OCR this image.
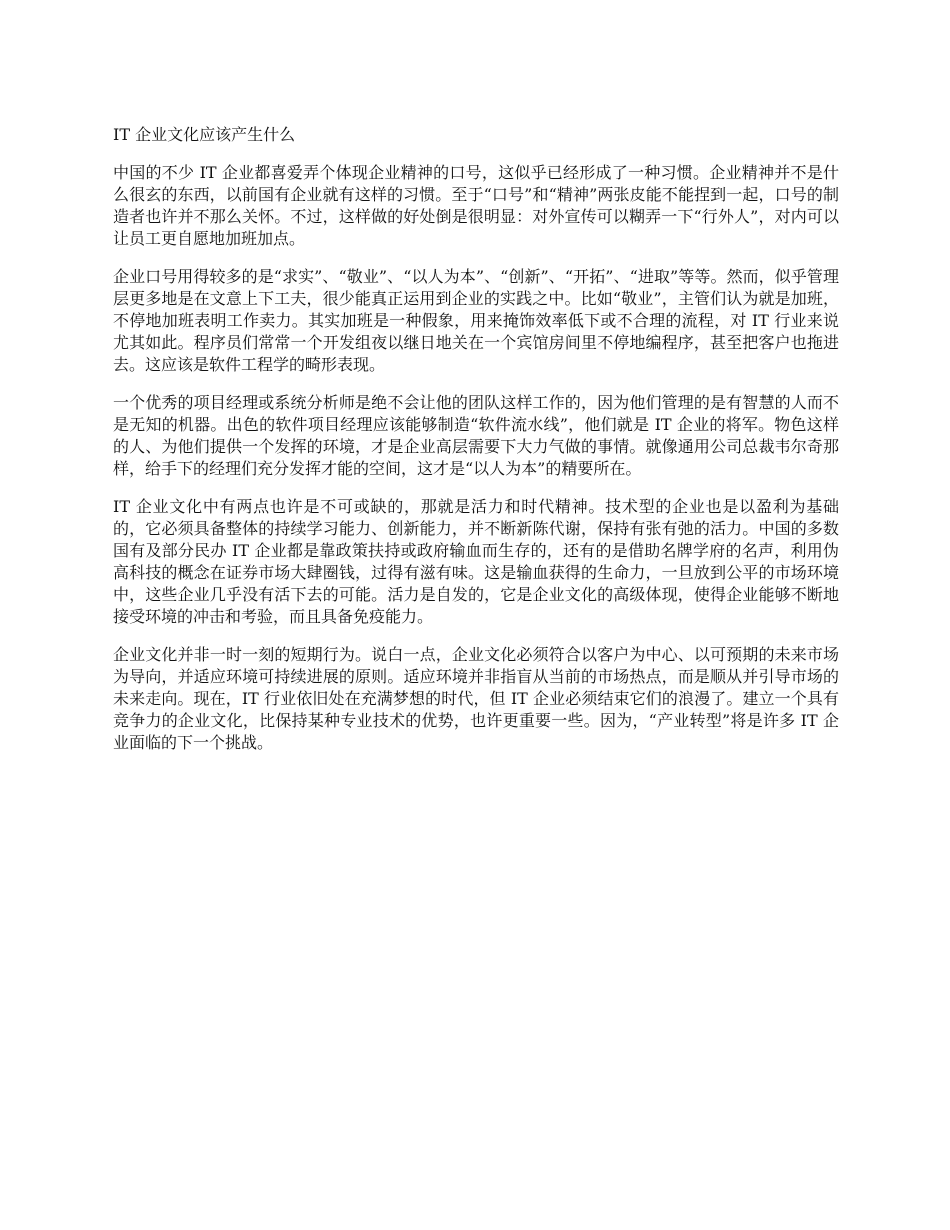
IT 企业文化应该产生什么

中国的不少 IT 企业都喜爱弄个体现企业精神的口号，这似乎已经形成了一种习惯。企业精神并不是什么很玄的东西，以前国有企业就有这样的习惯。至于“口号”和“精神”两张皮能不能捏到一起，口号的制造者也许并不那么关怀。不过，这样做的好处倒是很明显：对外宣传可以糊弄一下“行外人”，对内可以让员工更自愿地加班加点。

企业口号用得较多的是“求实”、“敬业”、“以人为本”、“创新”、“开拓”、“进取”等等。然而，似乎管理层更多地是在文意上下工夫，很少能真正运用到企业的实践之中。比如“敬业”，主管们认为就是加班，不停地加班表明工作卖力。其实加班是一种假象，用来掩饰效率低下或不合理的流程，对 IT 行业来说尤其如此。程序员们常常一个开发组夜以继日地关在一个宾馆房间里不停地编程序，甚至把客户也拖进去。这应该是软件工程学的畸形表现。

一个优秀的项目经理或系统分析师是绝不会让他的团队这样工作的，因为他们管理的是有智慧的人而不是无知的机器。出色的软件项目经理应该能够制造“软件流水线”，他们就是 IT 企业的将军。物色这样的人、为他们提供一个发挥的环境，才是企业高层需要下大力气做的事情。就像通用公司总裁韦尔奇那样，给手下的经理们充分发挥才能的空间，这才是“以人为本”的精要所在。

IT 企业文化中有两点也许是不可或缺的，那就是活力和时代精神。技术型的企业也是以盈利为基础的，它必须具备整体的持续学习能力、创新能力，并不断新陈代谢，保持有张有弛的活力。中国的多数国有及部分民办 IT 企业都是靠政策扶持或政府输血而生存的，还有的是借助名牌学府的名声，利用伪高科技的概念在证券市场大肆圈钱，过得有滋有味。这是输血获得的生命力，一旦放到公平的市场环境中，这些企业几乎没有活下去的可能。活力是自发的，它是企业文化的高级体现，使得企业能够不断地接受环境的冲击和考验，而且具备免疫能力。

企业文化并非一时一刻的短期行为。说白一点，企业文化必须符合以客户为中心、以可预期的未来市场为导向，并适应环境可持续进展的原则。适应环境并非指盲从当前的市场热点，而是顺从并引导市场的未来走向。现在，IT 行业依旧处在充满梦想的时代，但 IT 企业必须结束它们的浪漫了。建立一个具有竞争力的企业文化，比保持某种专业技术的优势，也许更重要一些。因为，“产业转型”将是许多 IT 企业面临的下一个挑战。
